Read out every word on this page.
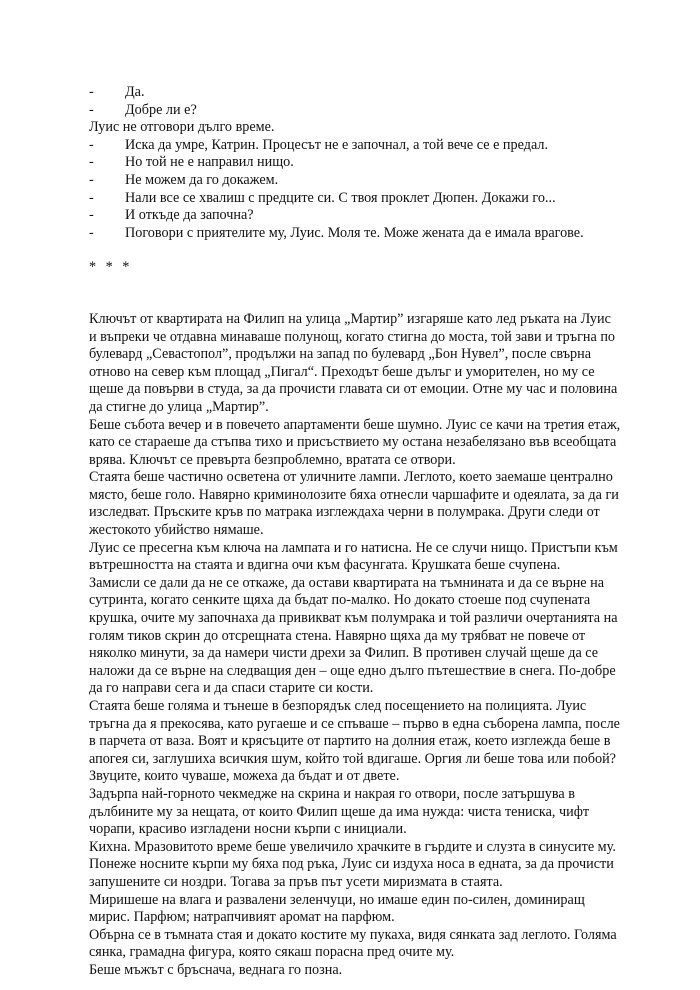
-	Да.
-	Добре ли е?

Луис не отговори дълго време.

-	Иска да умре, Катрин. Процесът не е започнал, а той вече се е предал.
-	Но той не е направил нищо.
-	Не можем да го докажем.
-	Нали все се хвалиш с предците си. С твоя проклет Дюпен. Докажи го...
-	И откъде да започна?
-	Поговори с приятелите му, Луис. Моля те. Може жената да е имала врагове.

* * *

Ключът от квартирата на Филип на улица „Мартир” изгаряше като лед ръката на Луис
и въпреки че отдавна минаваше полунощ, когато стигна до моста, той зави и тръгна по
булевард „Севастопол”, продължи на запад по булевард „Бон Нувел”, после свърна
отново на север към площад „Пигал“. Преходът беше дълъг и уморителен, но му се
щеше да повърви в студа, за да прочисти главата си от емоции. Отне му час и половина
да стигне до улица „Мартир”.

Беше събота вечер и в повечето апартаменти беше шумно. Луис се качи на третия етаж,
като се стараеше да стъпва тихо и присъствието му остана незабелязано във всеобщата
врява. Ключът се превърта безпроблемно, вратата се отвори.

Стаята беше частично осветена от уличните лампи. Леглото, което заемаше централно
място, беше голо. Навярно криминолозите бяха отнесли чаршафите и одеялата, за да ги
изследват. Пръските кръв по матрака изглеждаха черни в полумрака. Други следи от
жестокото убийство нямаше.

Луис се пресегна към ключа на лампата и го натисна. Не се случи нищо. Пристъпи към
вътрешността на стаята и вдигна очи към фасунгата. Крушката беше счупена.

Замисли се дали да не се откаже, да остави квартирата на тъмнината и да се върне на
сутринта, когато сенките щяха да бъдат по-малко. Но докато стоеше под счупената
крушка, очите му започнаха да привикват към полумрака и той различи очертанията на
голям тиков скрин до отсрещната стена. Навярно щяха да му трябват не повече от
няколко минути, за да намери чисти дрехи за Филип. В противен случай щеше да се
наложи да се върне на следващия ден – още едно дълго пътешествие в снега. По-добре
да го направи сега и да спаси старите си кости.

Стаята беше голяма и тънеше в безпорядък след посещението на полицията. Луис
тръгна да я прекосява, като ругаеше и се спъваше – първо в една съборена лампа, после
в парчета от ваза. Воят и крясъците от партито на долния етаж, което изглежда беше в
апогея си, заглушиха всичкия шум, който той вдигаше. Оргия ли беше това или побой?
Звуците, които чуваше, можеха да бъдат и от двете.

Задърпа най-горното чекмедже на скрина и накрая го отвори, после затършува в
дълбините му за нещата, от които Филип щеше да има нужда: чиста тениска, чифт
чорапи, красиво изгладени носни кърпи с инициали.

Кихна. Мразовитото време беше увеличило храчките в гърдите и слузта в синусите му.
Понеже носните кърпи му бяха под ръка, Луис си издуха носа в едната, за да прочисти
запушените си ноздри. Тогава за пръв път усети миризмата в стаята.

Миришеше на влага и развалени зеленчуци, но имаше един по-силен, доминиращ
мирис. Парфюм; натрапчивият аромат на парфюм.

Обърна се в тъмната стая и докато костите му пукаха, видя сянката зад леглото. Голяма
сянка, грамадна фигура, която сякаш порасна пред очите му.

Беше мъжът с бръснача, веднага го позна.
